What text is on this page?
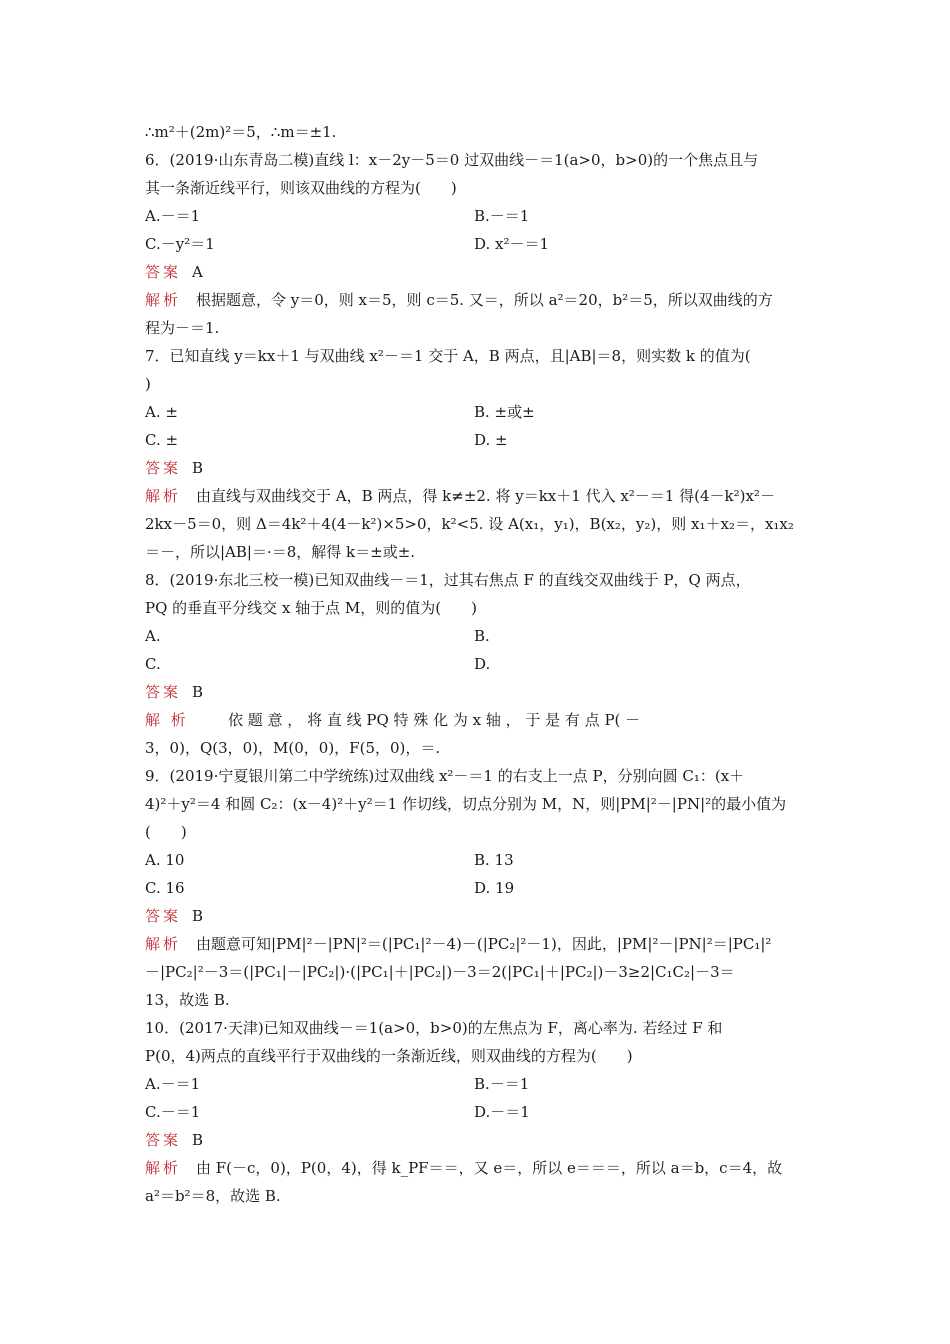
∴m²＋(2m)²＝5，∴m＝±1.
6．(2019·山东青岛二模)直线 l：x－2y－5＝0 过双曲线－＝1(a>0，b>0)的一个焦点且与
其一条渐近线平行，则该双曲线的方程为(　　)
A.－＝1	B.－＝1
C.－y²＝1	D. x²－＝1
答案 A
解析 根据题意，令 y＝0，则 x＝5，则 c＝5. 又＝，所以 a²＝20，b²＝5，所以双曲线的方
程为－＝1.
7．已知直线 y＝kx＋1 与双曲线 x²－＝1 交于 A，B 两点，且|AB|＝8，则实数 k 的值为(
)
A. ±	B. ±或±
C. ±	D. ±
答案 B
解析 由直线与双曲线交于 A，B 两点，得 k≠±2. 将 y＝kx＋1 代入 x²－＝1 得(4－k²)x²－
2kx－5＝0，则 Δ＝4k²＋4(4－k²)×5>0，k²<5. 设 A(x₁，y₁)，B(x₂，y₂)，则 x₁＋x₂＝，x₁x₂
＝－，所以|AB|＝·＝8，解得 k＝±或±.
8．(2019·东北三校一模)已知双曲线－＝1，过其右焦点 F 的直线交双曲线于 P，Q 两点，
PQ 的垂直平分线交 x 轴于点 M，则的值为(　　)
A.	B.
C.	D.
答案 B
解 析	依 题 意 ， 将 直 线 PQ 特 殊 化 为 x 轴 ， 于 是 有 点 P( －
3，0)，Q(3，0)，M(0，0)，F(5，0)，＝.
9．(2019·宁夏银川第二中学统练)过双曲线 x²－＝1 的右支上一点 P，分别向圆 C₁：(x＋
4)²＋y²＝4 和圆 C₂：(x－4)²＋y²＝1 作切线，切点分别为 M，N，则|PM|²－|PN|²的最小值为
(　　)
A. 10	B. 13
C. 16	D. 19
答案 B
解析 由题意可知|PM|²－|PN|²＝(|PC₁|²－4)－(|PC₂|²－1)，因此，|PM|²－|PN|²＝|PC₁|²
－|PC₂|²－3＝(|PC₁|－|PC₂|)·(|PC₁|＋|PC₂|)－3＝2(|PC₁|＋|PC₂|)－3≥2|C₁C₂|－3＝
13，故选 B.
10．(2017·天津)已知双曲线－＝1(a>0，b>0)的左焦点为 F，离心率为. 若经过 F 和
P(0，4)两点的直线平行于双曲线的一条渐近线，则双曲线的方程为(　　)
A.－＝1	B.－＝1
C.－＝1	D.－＝1
答案 B
解析 由 F(－c，0)，P(0，4)，得 k_PF＝＝，又 e＝，所以 e＝＝＝，所以 a＝b，c＝4，故
a²＝b²＝8，故选 B.
